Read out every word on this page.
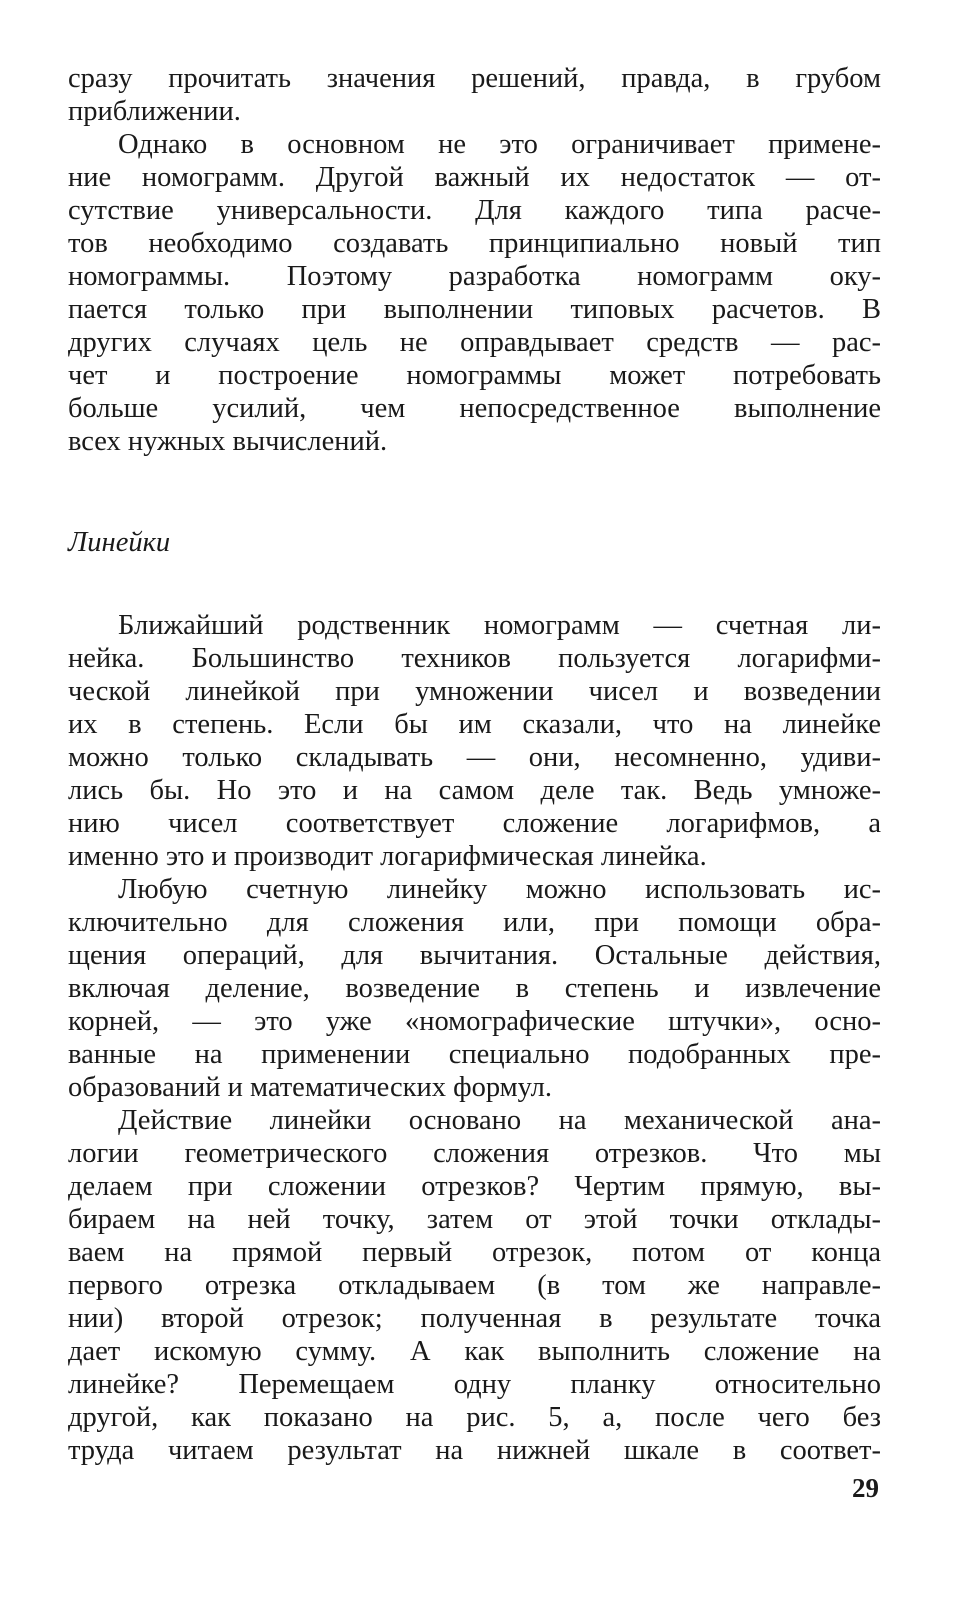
сразу прочитать значения решений, правда, в грубом
приближении.
Однако в основном не это ограничивает примене-
ние номограмм. Другой важный их недостаток — от-
сутствие универсальности. Для каждого типа расче-
тов необходимо создавать принципиально новый тип
номограммы. Поэтому разработка номограмм оку-
пается только при выполнении типовых расчетов. В
других случаях цель не оправдывает средств — рас-
чет и построение номограммы может потребовать
больше усилий, чем непосредственное выполнение
всех нужных вычислений.
Линейки
Ближайший родственник номограмм — счетная ли-
нейка. Большинство техников пользуется логарифми-
ческой линейкой при умножении чисел и возведении
их в степень. Если бы им сказали, что на линейке
можно только складывать — они, несомненно, удиви-
лись бы. Но это и на самом деле так. Ведь умноже-
нию чисел соответствует сложение логарифмов, а
именно это и производит логарифмическая линейка.
Любую счетную линейку можно использовать ис-
ключительно для сложения или, при помощи обра-
щения операций, для вычитания. Остальные действия,
включая деление, возведение в степень и извлечение
корней, — это уже «номографические штучки», осно-
ванные на применении специально подобранных пре-
образований и математических формул.
Действие линейки основано на механической ана-
логии геометрического сложения отрезков. Что мы
делаем при сложении отрезков? Чертим прямую, вы-
бираем на ней точку, затем от этой точки отклады-
ваем на прямой первый отрезок, потом от конца
первого отрезка откладываем (в том же направле-
нии) второй отрезок; полученная в результате точка
дает искомую сумму. А как выполнить сложение на
линейке? Перемещаем одну планку относительно
другой, как показано на рис. 5, а, после чего без
труда читаем результат на нижней шкале в соответ-
29
